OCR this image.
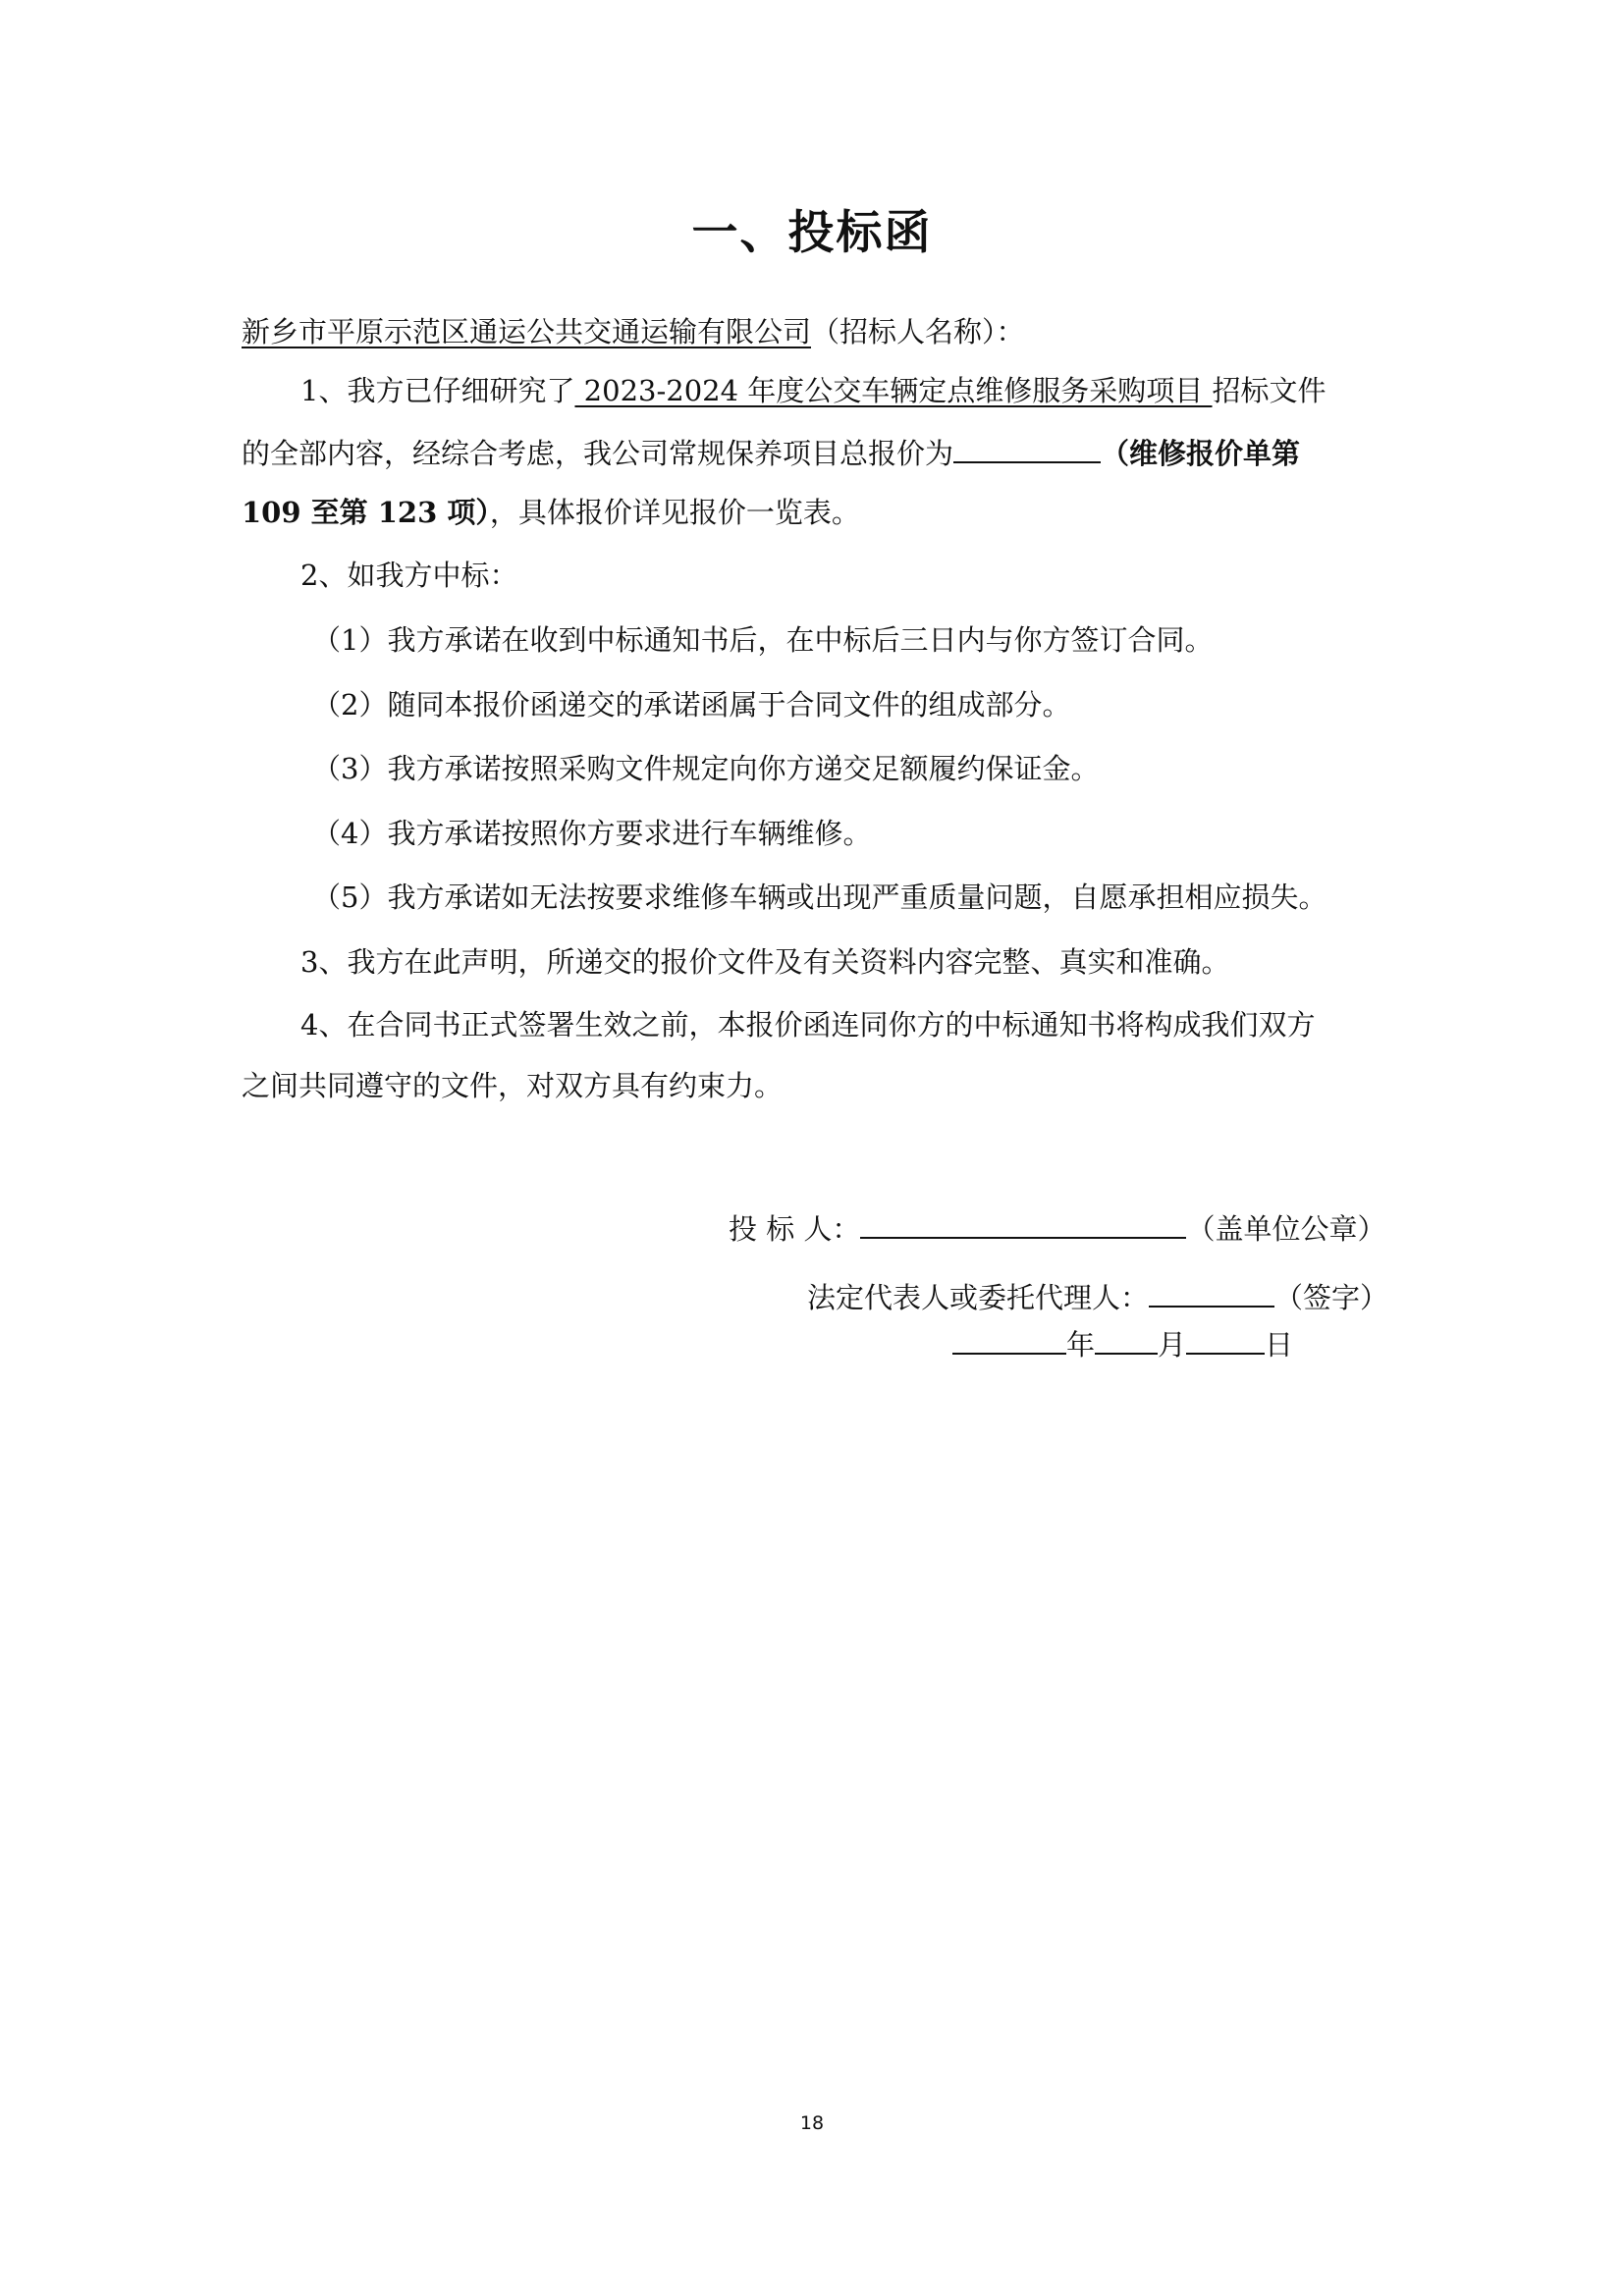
一、投标函
新乡市平原示范区通运公共交通运输有限公司（招标人名称）：
1、我方已仔细研究了 2023-2024 年度公交车辆定点维修服务采购项目 招标文件
的全部内容，经综合考虑，我公司常规保养项目总报价为	（维修报价单第
109 至第 123 项），具体报价详见报价一览表。
2、如我方中标：
（1）我方承诺在收到中标通知书后，在中标后三日内与你方签订合同。
（2）随同本报价函递交的承诺函属于合同文件的组成部分。
（3）我方承诺按照采购文件规定向你方递交足额履约保证金。
（4）我方承诺按照你方要求进行车辆维修。
（5）我方承诺如无法按要求维修车辆或出现严重质量问题，自愿承担相应损失。
3、我方在此声明，所递交的报价文件及有关资料内容完整、真实和准确。
4、在合同书正式签署生效之前，本报价函连同你方的中标通知书将构成我们双方
之间共同遵守的文件，对双方具有约束力。
投 标 人：	（盖单位公章）
法定代表人或委托代理人：	（签字）
年 月	日
18
